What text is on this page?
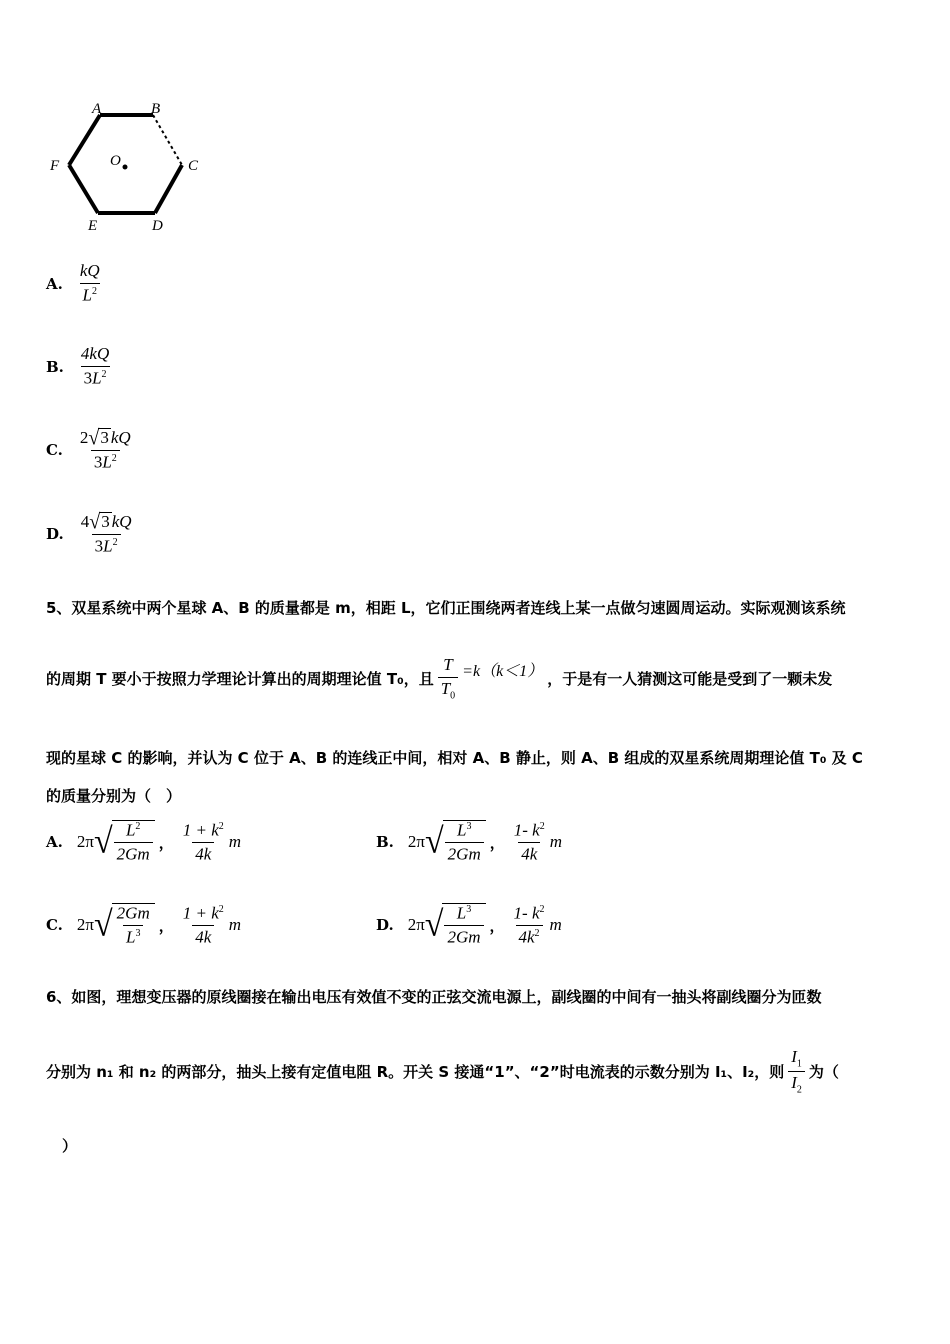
A	B
C
D
E
F	O
A. $\frac{kQ}{L^2}$
B. $\frac{4kQ}{3L^2}$
C. $\frac{2 √ 3 kQ}{3L^2}$
D. $\frac{4 √ 3 kQ}{3L^2}$
5、双星系统中两个星球 A、B 的质量都是 m，相距 L，它们正围绕两者连线上某一点做匀速圆周运动。实际观测该系统
的周期 T 要小于按照力学理论计算出的周期理论值 T₀，且 $\frac{T}{T_0} =k(k<1)$ ，于是有一人猜测这可能是受到了一颗未发
现的星球 C 的影响，并认为 C 位于 A、B 的连线正中间，相对 A、B 静止，则 A、B 组成的双星系统周期理论值 T₀ 及 C
的质量分别为（　）
A. 2π √ $\frac{L^2}{2Gm}$ ， $\frac{1 + k^2}{4k}$ m	B. 2π √ $\frac{L^3}{2Gm}$ ， $\frac{1- k^2}{4k}$ m
C. 2π √ $\frac{2Gm}{L^3}$ ， $\frac{1 + k^2}{4k}$ m	D. 2π √ $\frac{L^3}{2Gm}$ ， $\frac{1- k^2}{4k^2}$ m
6、如图，理想变压器的原线圈接在输出电压有效值不变的正弦交流电源上，副线圈的中间有一抽头将副线圈分为匝数
分别为 n₁ 和 n₂ 的两部分，抽头上接有定值电阻 R。开关 S 接通“1”、“2”时电流表的示数分别为 I₁、I₂，则 $\frac{I_1}{I_2}$ 为（
）
